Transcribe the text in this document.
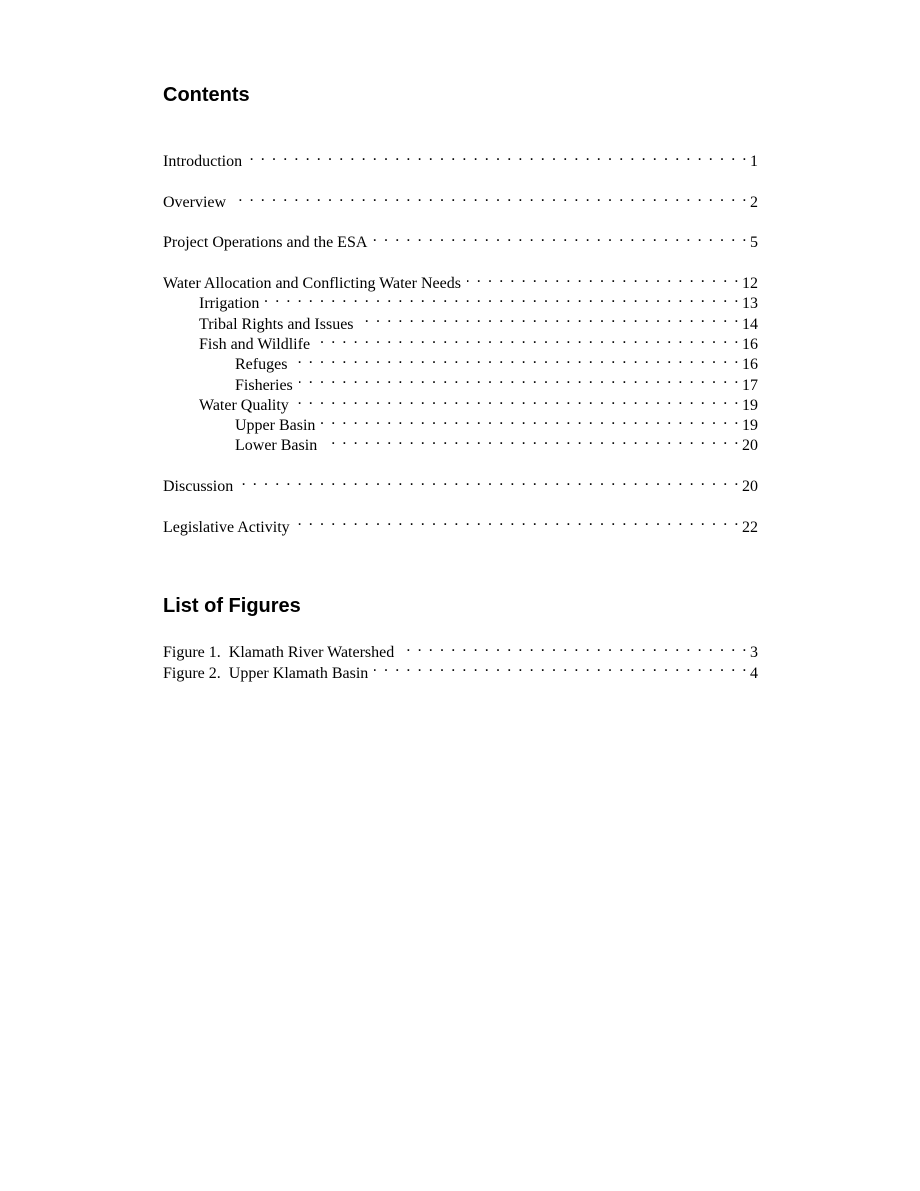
Contents
Introduction . . .	1
Overview . . .	2
Project Operations and the ESA . . .	5
Water Allocation and Conflicting Water Needs . . .	12
Irrigation . . .	13
Tribal Rights and Issues . . .	14
Fish and Wildlife . . .	16
Refuges . . .	16
Fisheries . . .	17
Water Quality . . .	19
Upper Basin . . .	19
Lower Basin . . .	20
Discussion . . .	20
Legislative Activity . . .	22
List of Figures
Figure 1.  Klamath River Watershed . . .	3
Figure 2.  Upper Klamath Basin . . .	4
